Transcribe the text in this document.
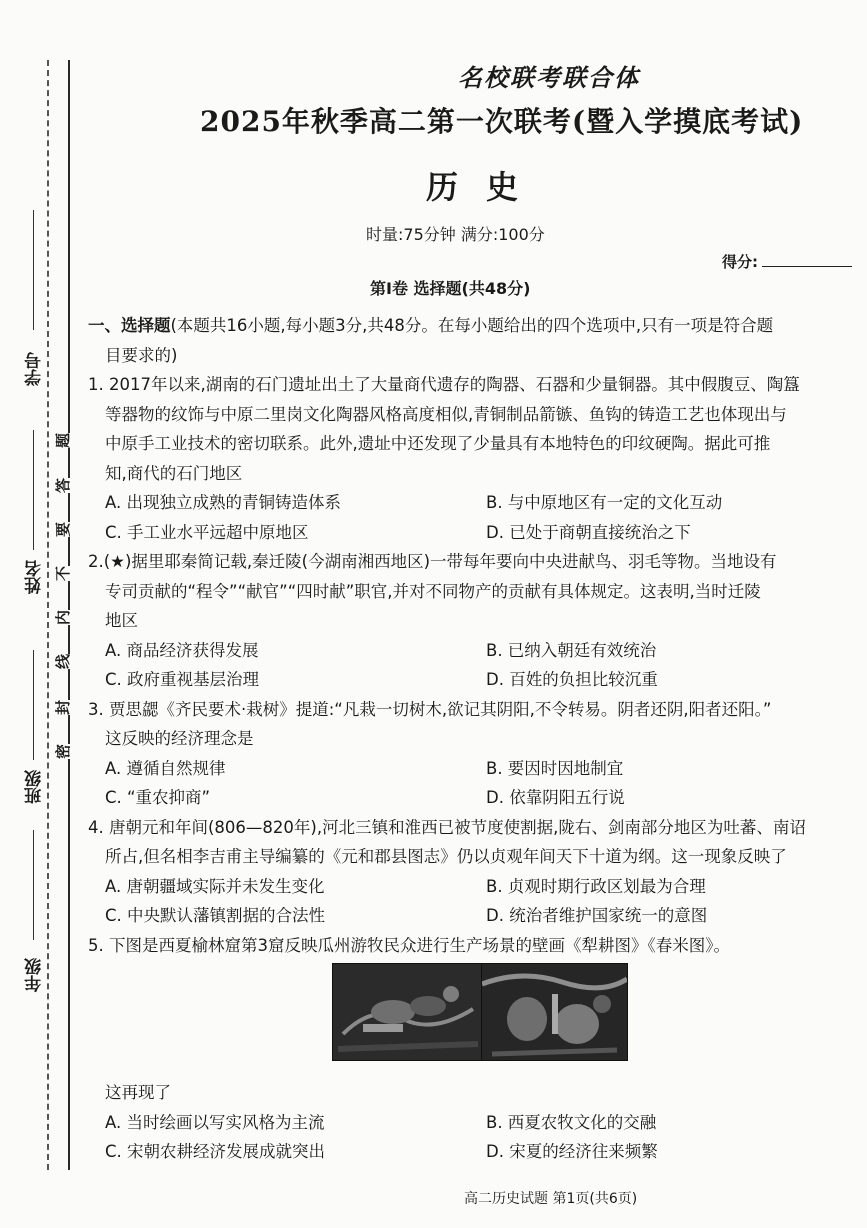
学号
姓名
班级
年级
题
答
要
不
内
线
封
密
名校联考联合体
2025年秋季高二第一次联考(暨入学摸底考试)
历史
时量:75分钟 满分:100分
得分:
第Ⅰ卷 选择题(共48分)
一、选择题(本题共16小题,每小题3分,共48分。在每小题给出的四个选项中,只有一项是符合题
目要求的)
1. 2017年以来,湖南的石门遗址出土了大量商代遗存的陶器、石器和少量铜器。其中假腹豆、陶簋
等器物的纹饰与中原二里岗文化陶器风格高度相似,青铜制品箭镞、鱼钩的铸造工艺也体现出与
中原手工业技术的密切联系。此外,遗址中还发现了少量具有本地特色的印纹硬陶。据此可推
知,商代的石门地区
A. 出现独立成熟的青铜铸造体系	B. 与中原地区有一定的文化互动
C. 手工业水平远超中原地区	D. 已处于商朝直接统治之下
2.(★)据里耶秦简记载,秦迁陵(今湖南湘西地区)一带每年要向中央进献鸟、羽毛等物。当地设有
专司贡献的“程令”“献官”“四时献”职官,并对不同物产的贡献有具体规定。这表明,当时迁陵
地区
A. 商品经济获得发展	B. 已纳入朝廷有效统治
C. 政府重视基层治理	D. 百姓的负担比较沉重
3. 贾思勰《齐民要术·栽树》提道:“凡栽一切树木,欲记其阴阳,不令转易。阴者还阴,阳者还阳。”
这反映的经济理念是
A. 遵循自然规律	B. 要因时因地制宜
C. “重农抑商”	D. 依靠阴阳五行说
4. 唐朝元和年间(806—820年),河北三镇和淮西已被节度使割据,陇右、剑南部分地区为吐蕃、南诏
所占,但名相李吉甫主导编纂的《元和郡县图志》仍以贞观年间天下十道为纲。这一现象反映了
A. 唐朝疆域实际并未发生变化	B. 贞观时期行政区划最为合理
C. 中央默认藩镇割据的合法性	D. 统治者维护国家统一的意图
5. 下图是西夏榆林窟第3窟反映瓜州游牧民众进行生产场景的壁画《犁耕图》《春米图》。
这再现了
A. 当时绘画以写实风格为主流	B. 西夏农牧文化的交融
C. 宋朝农耕经济发展成就突出	D. 宋夏的经济往来频繁
高二历史试题 第1页(共6页)
